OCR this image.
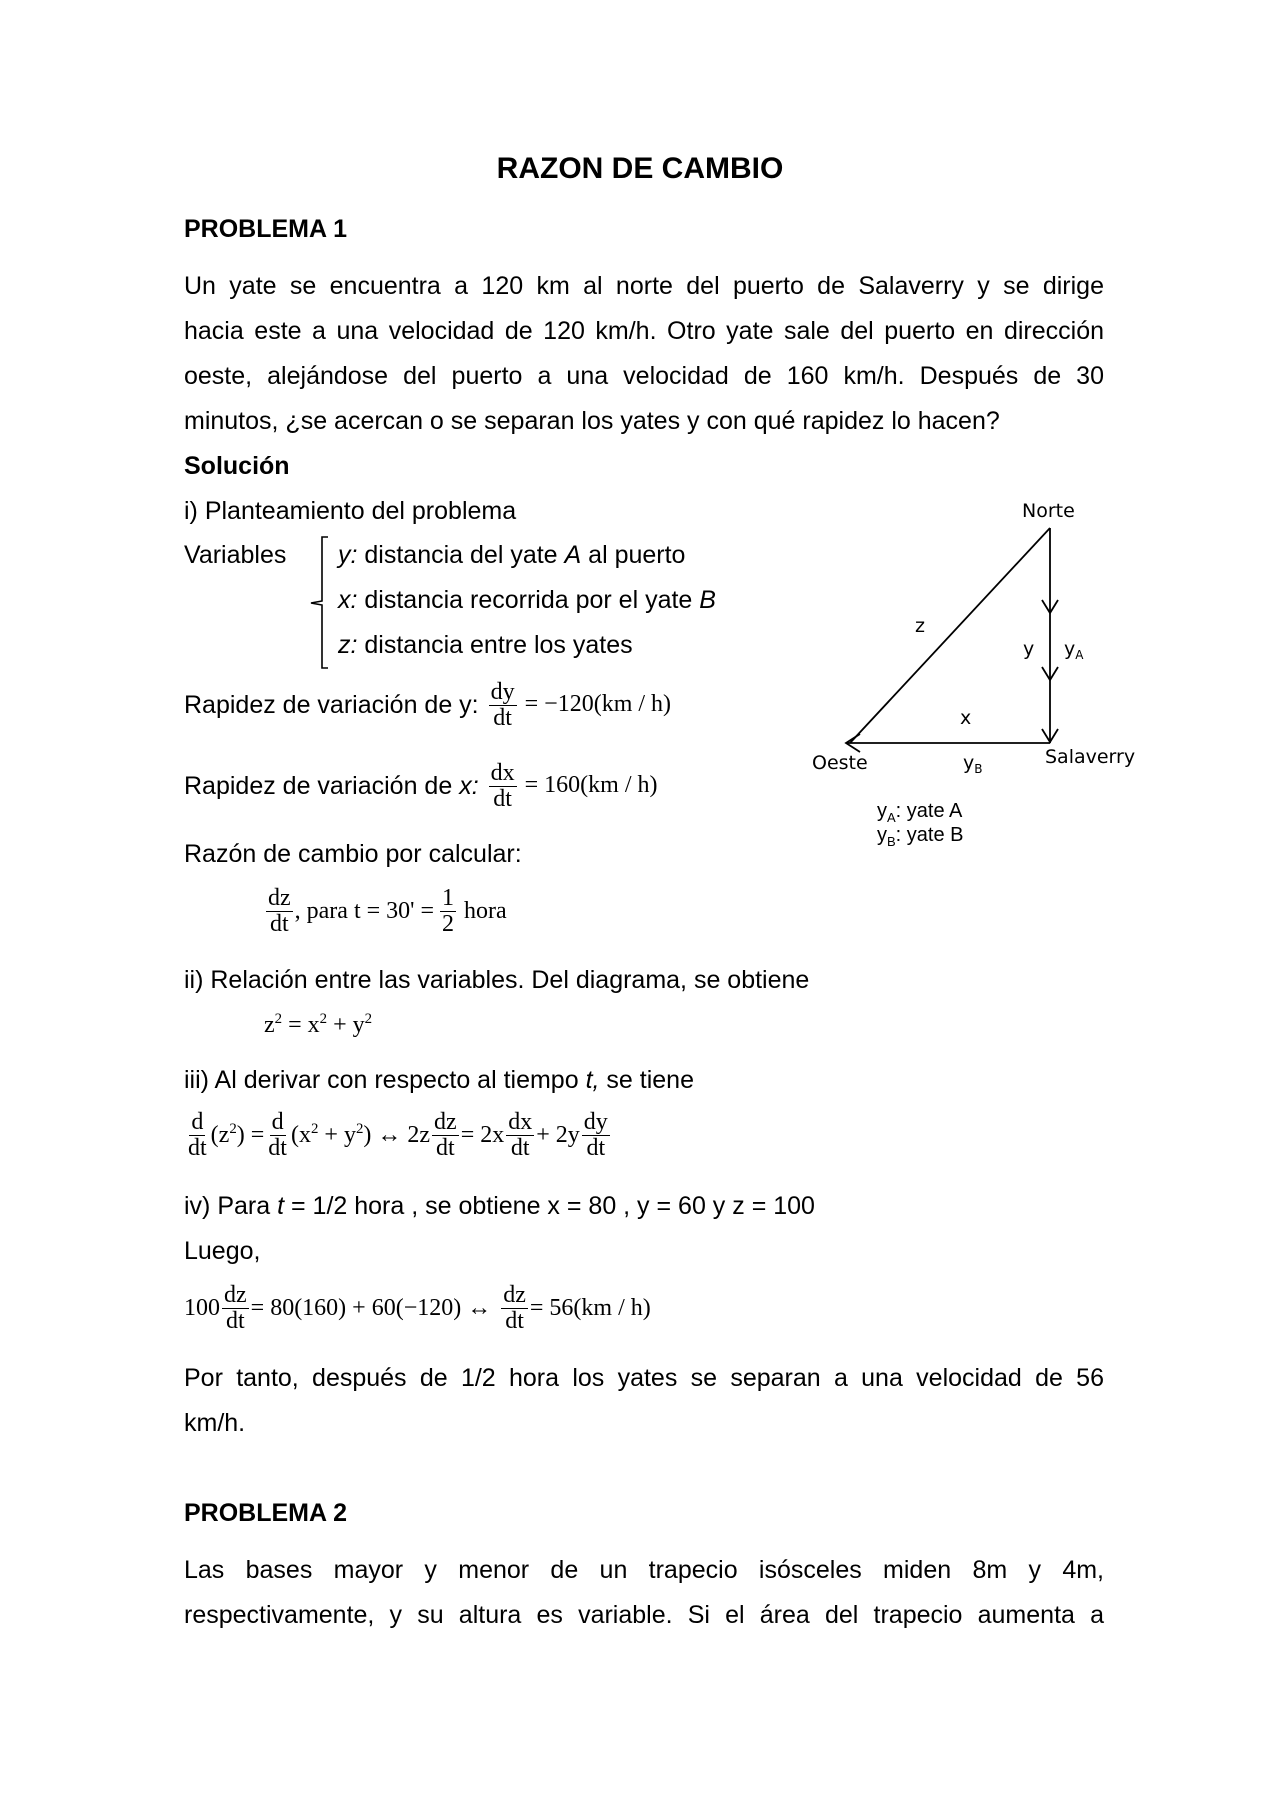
RAZON DE CAMBIO
PROBLEMA 1
Un yate se encuentra a 120 km al norte del puerto de Salaverry y se dirige
hacia este a una velocidad de 120 km/h. Otro yate sale del puerto en dirección
oeste, alejándose del puerto a una velocidad de 160 km/h. Después de 30
minutos, ¿se acercan o se separan los yates y con qué rapidez lo hacen?
Solución
i) Planteamiento del problema
Variables y: distancia del yate A al puerto
x: distancia recorrida por el yate B
z: distancia entre los yates
Rapidez de variación de y: $\frac{dy}{dt} = -120(km / h)$
Rapidez de variación de x: $\frac{dx}{dt} = 160(km / h)$
Razón de cambio por calcular:
$\frac{dz}{dt}$ , para $t = 30' = \frac{1}{2}$ hora
ii) Relación entre las variables. Del diagrama, se obtiene
$z^2 = x^2 + y^2$
iii) Al derivar con respecto al tiempo t, se tiene
$\frac{d}{dt} (z^2) = \frac{d}{dt} (x^2 + y^2)$ ↔ $2z \frac{dz}{dt} = 2x \frac{dx}{dt} + 2y \frac{dy}{dt}$
iv) Para t = 1/2 hora , se obtiene x = 80 , y = 60 y z = 100
Luego,
$100 \frac{dz}{dt} = 80(160) + 60(-120)$ ↔ $\frac{dz}{dt} = 56(km / h)$
Por tanto, después de 1/2 hora los yates se separan a una velocidad de 56
km/h.
PROBLEMA 2
Las bases mayor y menor de un trapecio isósceles miden 8m y 4m,
respectivamente, y su altura es variable. Si el área del trapecio aumenta a
Norte
Oeste	Salaverry
z
x
y $y_A$
$y_B$
$y_A$: yate A
$y_B$: yate B
